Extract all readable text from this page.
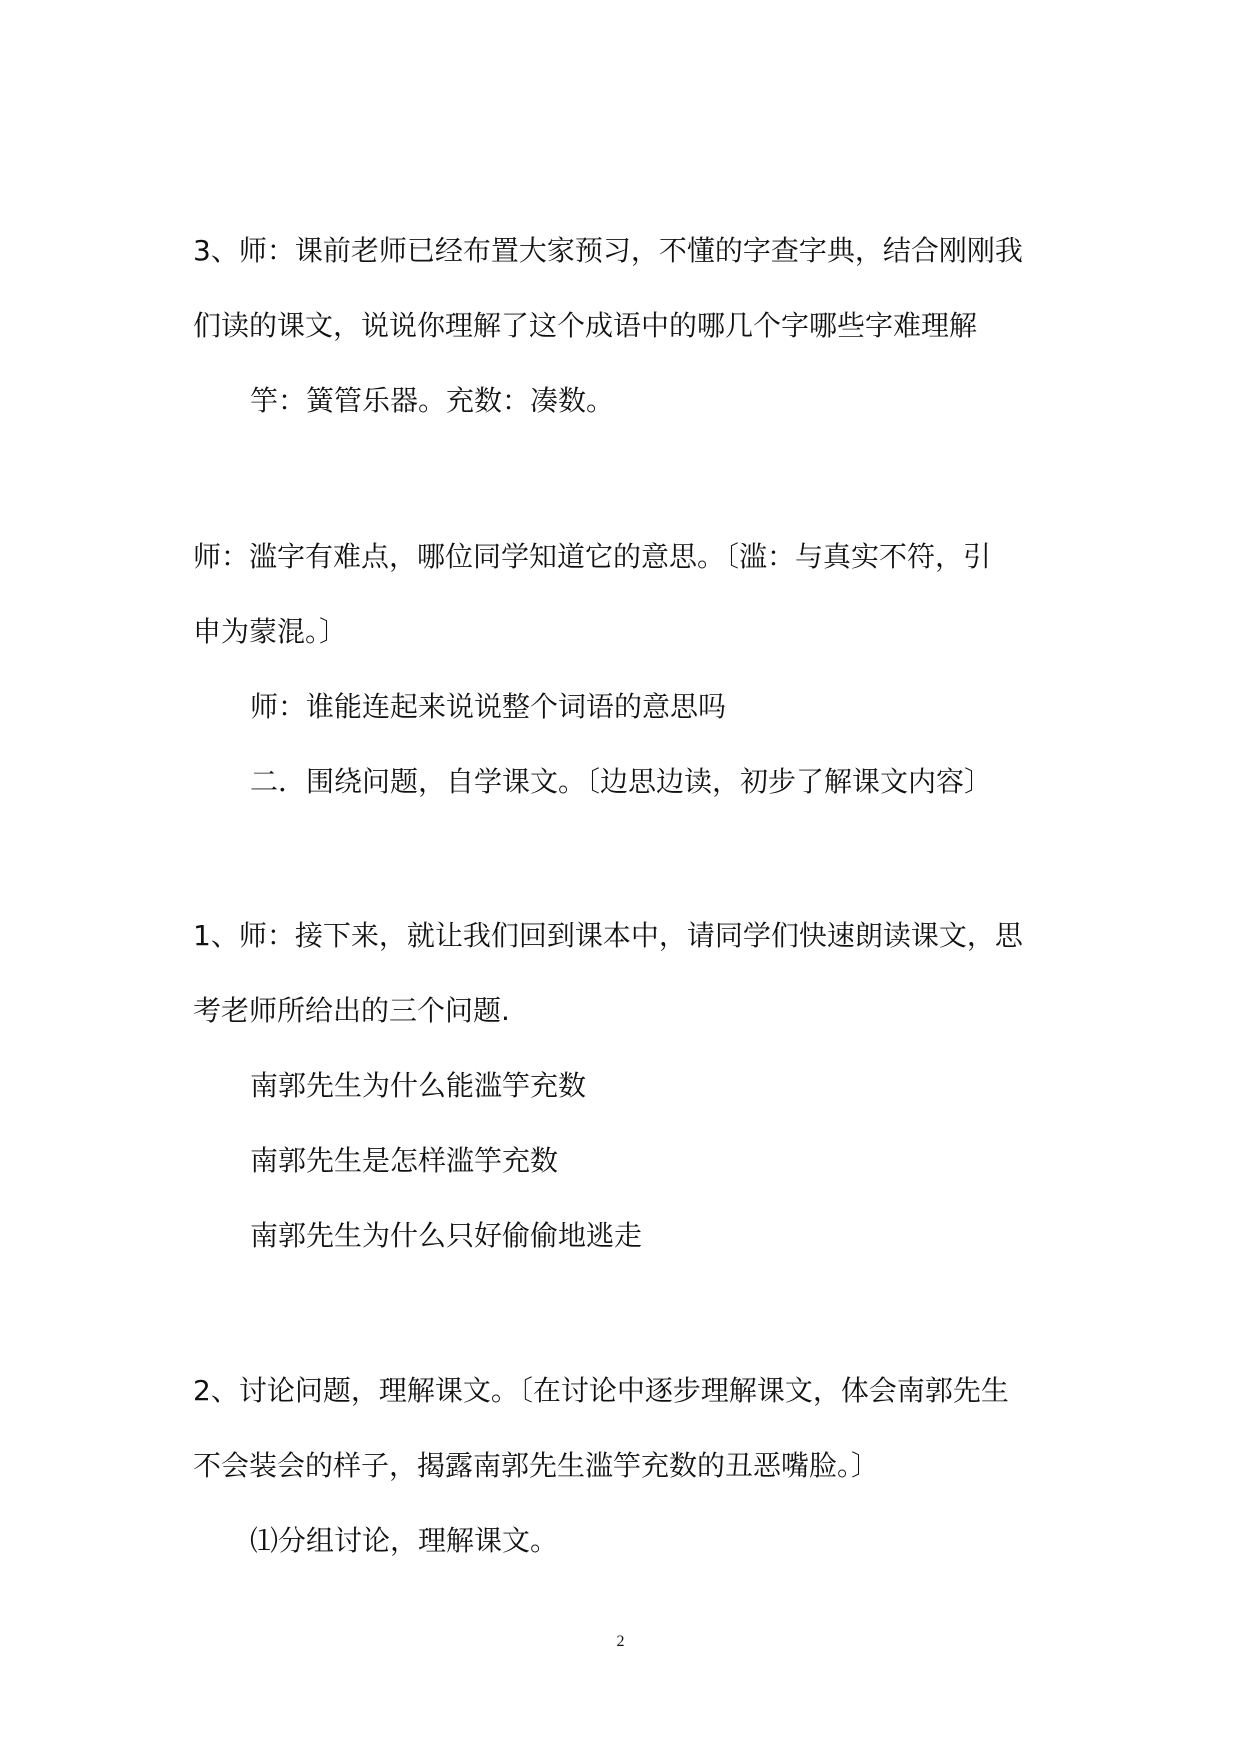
3、师：课前老师已经布置大家预习，不懂的字查字典，结合刚刚我

们读的课文，说说你理解了这个成语中的哪几个字哪些字难理解

竽：簧管乐器。充数：凑数。

师：滥字有难点，哪位同学知道它的意思。〔滥：与真实不符，引

申为蒙混。〕

师：谁能连起来说说整个词语的意思吗

二．围绕问题，自学课文。〔边思边读，初步了解课文内容〕

1、师：接下来，就让我们回到课本中，请同学们快速朗读课文，思

考老师所给出的三个问题.

南郭先生为什么能滥竽充数

南郭先生是怎样滥竽充数

南郭先生为什么只好偷偷地逃走

2、讨论问题，理解课文。〔在讨论中逐步理解课文，体会南郭先生

不会装会的样子，揭露南郭先生滥竽充数的丑恶嘴脸。〕

⑴分组讨论，理解课文。

2
